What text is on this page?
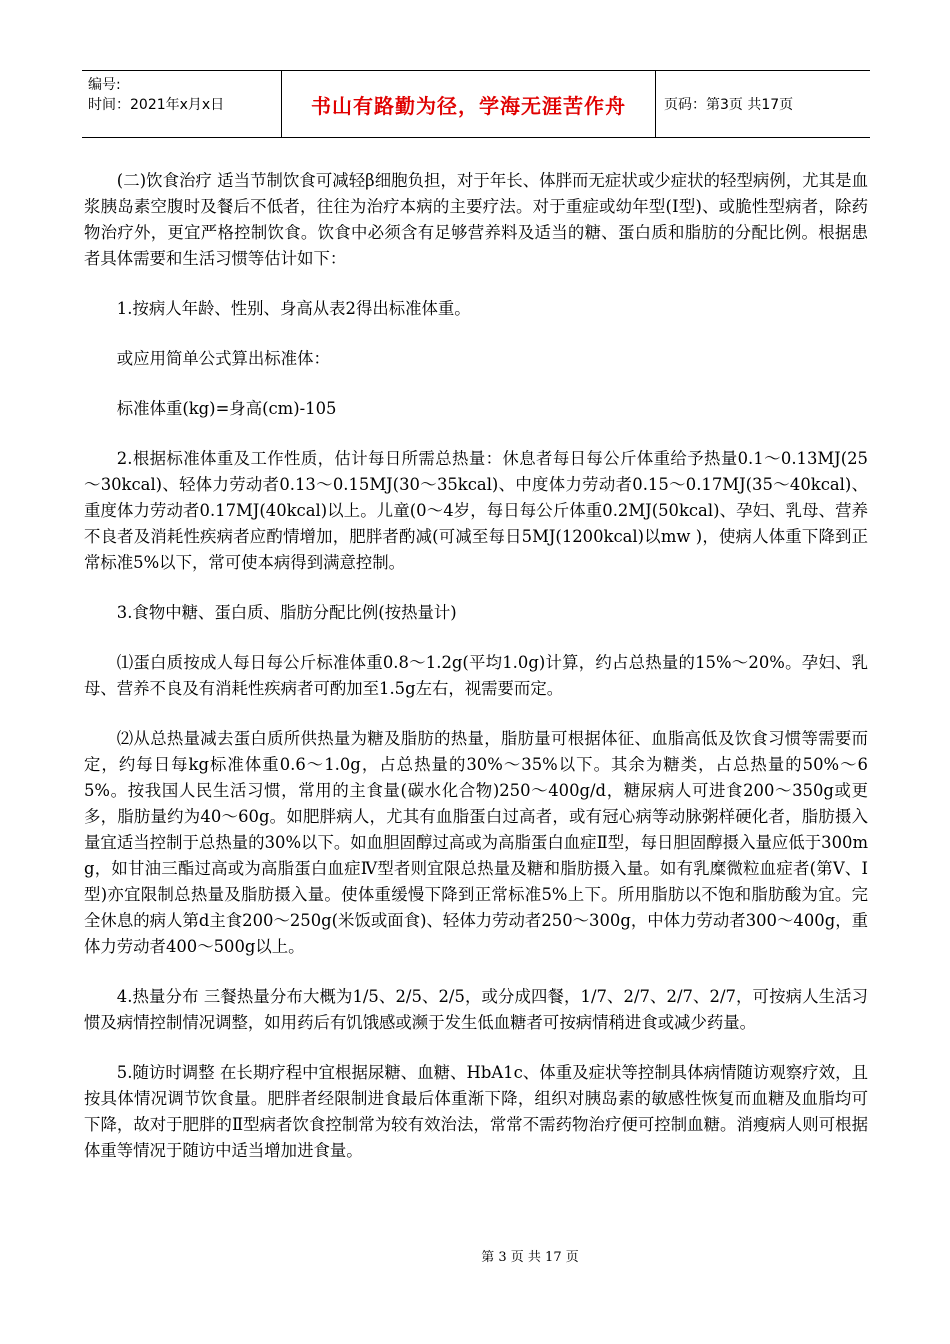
编号:
时间：2021年x月x日	书山有路勤为径，学海无涯苦作舟	页码：第3页 共17页

(二)饮食治疗 适当节制饮食可减轻β细胞负担，对于年长、体胖而无症状或少症状的轻型病例，尤其是血浆胰岛素空腹时及餐后不低者，往往为治疗本病的主要疗法。对于重症或幼年型(Ⅰ型)、或脆性型病者，除药物治疗外，更宜严格控制饮食。饮食中必须含有足够营养料及适当的糖、蛋白质和脂肪的分配比例。根据患者具体需要和生活习惯等估计如下：

1.按病人年龄、性别、身高从表2得出标准体重。

或应用简单公式算出标准体：

标准体重(kg)=身高(cm)-105

2.根据标准体重及工作性质，估计每日所需总热量：休息者每日每公斤体重给予热量0.1～0.13MJ(25～30kcal)、轻体力劳动者0.13～0.15MJ(30～35kcal)、中度体力劳动者0.15～0.17MJ(35～40kcal)、重度体力劳动者0.17MJ(40kcal)以上。儿童(0～4岁，每日每公斤体重0.2MJ(50kcal)、孕妇、乳母、营养不良者及消耗性疾病者应酌情增加，肥胖者酌减(可减至每日5MJ(1200kcal)以mw )，使病人体重下降到正常标准5%以下，常可使本病得到满意控制。

3.食物中糖、蛋白质、脂肪分配比例(按热量计)

⑴蛋白质按成人每日每公斤标准体重0.8～1.2g(平均1.0g)计算，约占总热量的15%～20%。孕妇、乳母、营养不良及有消耗性疾病者可酌加至1.5g左右，视需要而定。

⑵从总热量减去蛋白质所供热量为糖及脂肪的热量，脂肪量可根据体征、血脂高低及饮食习惯等需要而定，约每日每kg标准体重0.6～1.0g，占总热量的30%～35%以下。其余为糖类，占总热量的50%～65%。按我国人民生活习惯，常用的主食量(碳水化合物)250～400g/d，糖尿病人可进食200～350g或更多，脂肪量约为40～60g。如肥胖病人，尤其有血脂蛋白过高者，或有冠心病等动脉粥样硬化者，脂肪摄入量宜适当控制于总热量的30%以下。如血胆固醇过高或为高脂蛋白血症Ⅱ型，每日胆固醇摄入量应低于300mg，如甘油三酯过高或为高脂蛋白血症Ⅳ型者则宜限总热量及糖和脂肪摄入量。如有乳糜微粒血症者(第Ⅴ、Ⅰ型)亦宜限制总热量及脂肪摄入量。使体重缓慢下降到正常标准5%上下。所用脂肪以不饱和脂肪酸为宜。完全休息的病人第d主食200～250g(米饭或面食)、轻体力劳动者250～300g，中体力劳动者300～400g，重体力劳动者400～500g以上。

4.热量分布 三餐热量分布大概为1/5、2/5、2/5，或分成四餐，1/7、2/7、2/7、2/7，可按病人生活习惯及病情控制情况调整，如用药后有饥饿感或濒于发生低血糖者可按病情稍进食或减少药量。

5.随访时调整 在长期疗程中宜根据尿糖、血糖、HbA1c、体重及症状等控制具体病情随访观察疗效，且按具体情况调节饮食量。肥胖者经限制进食最后体重渐下降，组织对胰岛素的敏感性恢复而血糖及血脂均可下降，故对于肥胖的Ⅱ型病者饮食控制常为较有效治法，常常不需药物治疗便可控制血糖。消瘦病人则可根据体重等情况于随访中适当增加进食量。

第 3 页 共 17 页
